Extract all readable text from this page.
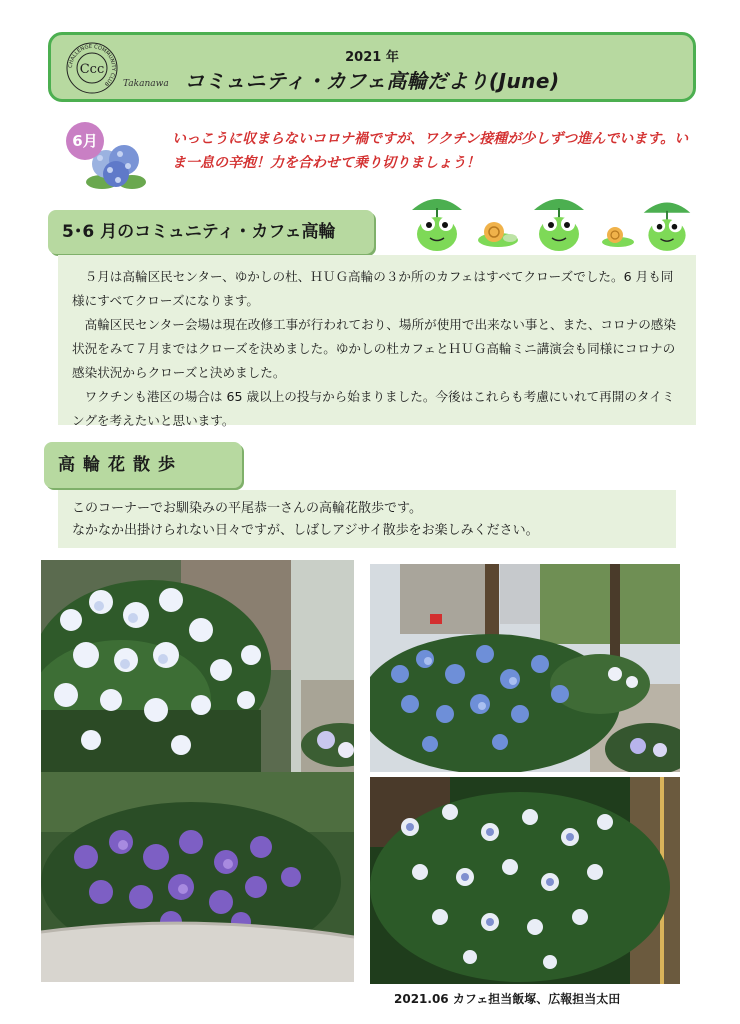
Ccc
CHALLENGE COMMUNITY CLUB	Takanawa
2021 年
コミュニティ・カフェ高輪だより(June)
6月	いっこうに収まらないコロナ禍ですが、ワクチン接種が少しずつ進んでいます。いま一息の辛抱！力を合わせて乗り切りましょう！
5･6 月のコミュニティ・カフェ高輪

５月は高輪区民センター、ゆかしの杜、ＨＵＧ高輪の３か所のカフェはすべてクローズでした。6 月も同様にすべてクローズになります。

高輪区民センター会場は現在改修工事が行われており、場所が使用で出来ない事と、また、コロナの感染状況をみて７月まではクローズを決めました。ゆかしの杜カフェとＨＵＧ高輪ミニ講演会も同様にコロナの感染状況からクローズと決めました。

ワクチンも港区の場合は 65 歳以上の投与から始まりました。今後はこれらも考慮にいれて再開のタイミングを考えたいと思います。

高輪花散歩

このコーナーでお馴染みの平尾恭一さんの高輪花散歩です。

なかなか出掛けられない日々ですが、しばしアジサイ散歩をお楽しみください。

2021.06 カフェ担当飯塚、広報担当太田
